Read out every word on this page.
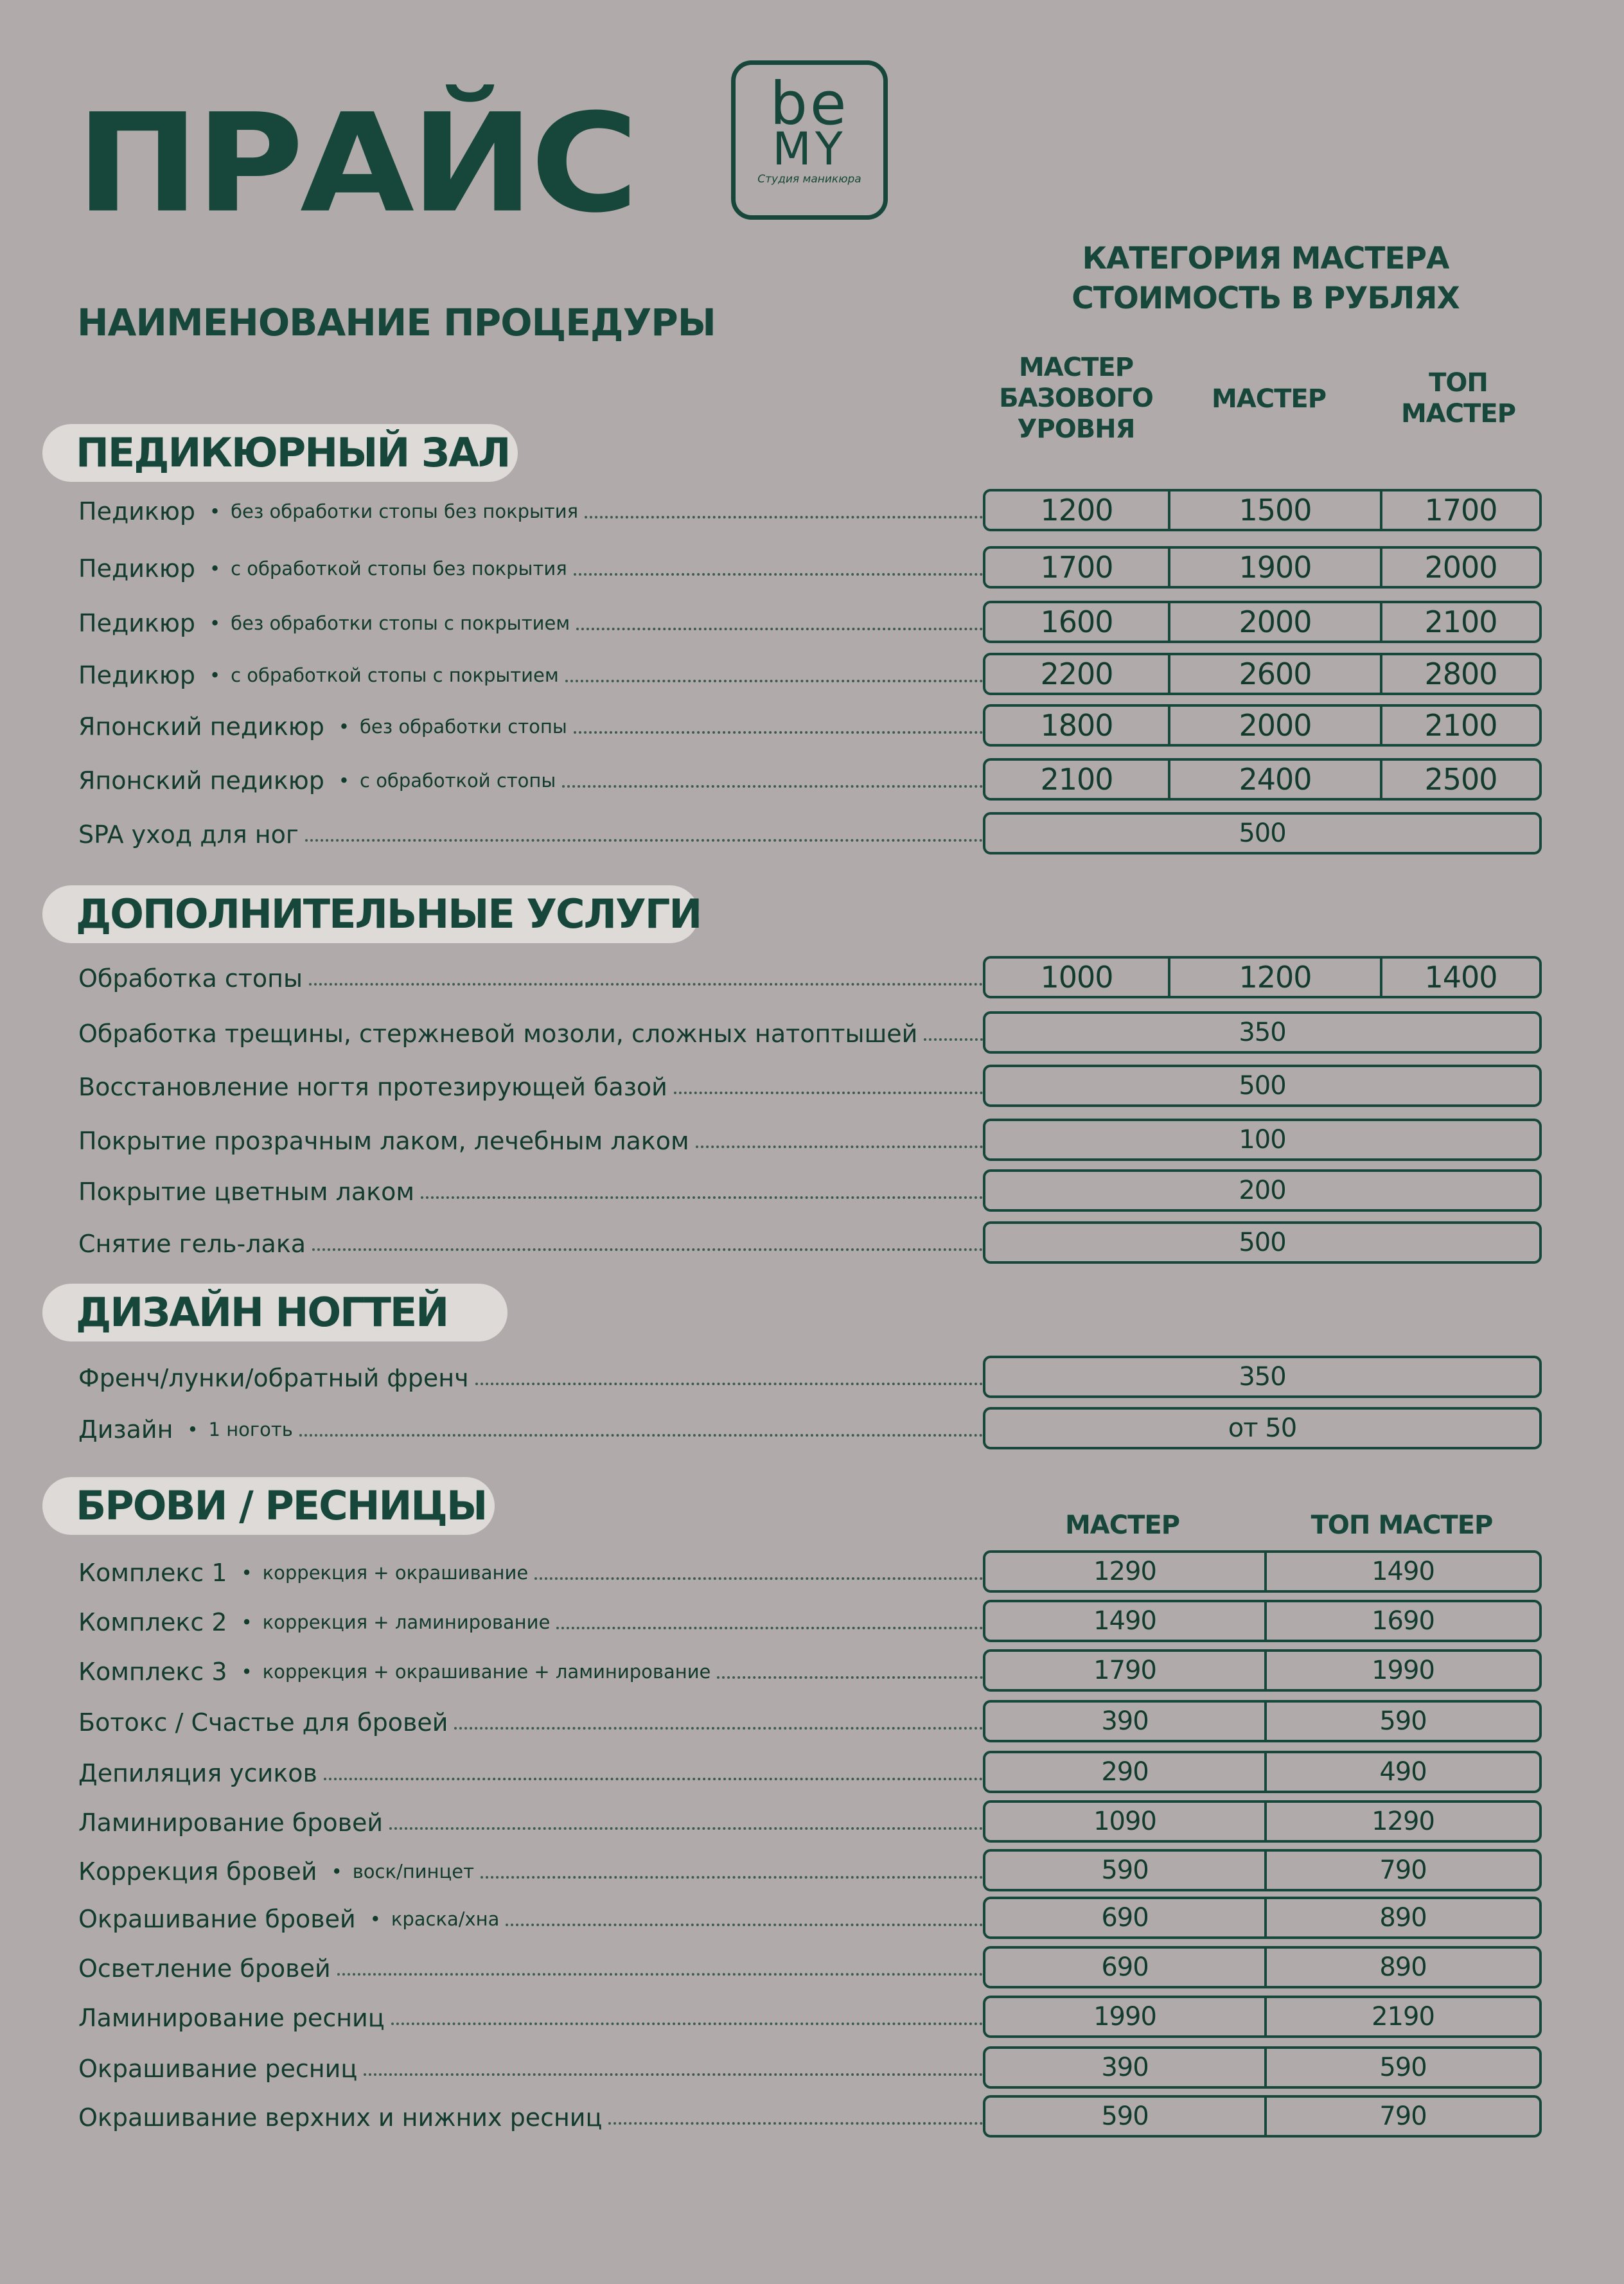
ПРАЙС	be
MY
Студия маникюра
НАИМЕНОВАНИЕ ПРОЦЕДУРЫ
КАТЕГОРИЯ МАСТЕРА
СТОИМОСТЬ В РУБЛЯХ
МАСТЕР
БАЗОВОГО
УРОВНЯ
МАСТЕР
ТОП
МАСТЕР
ПЕДИКЮРНЫЙ ЗАЛ
Педикюр	• без обработки стопы без покрытия	1200	1500	1700
Педикюр	• с обработкой стопы без покрытия	1700	1900	2000
Педикюр	• без обработки стопы с покрытием	1600	2000	2100
Педикюр	• с обработкой стопы с покрытием	2200	2600	2800
Японский педикюр	• без обработки стопы	1800	2000	2100
Японский педикюр	• с обработкой стопы	2100	2400	2500
SPA уход для ног	500
ДОПОЛНИТЕЛЬНЫЕ УСЛУГИ
Обработка стопы	1000	1200	1400
Обработка трещины, стержневой мозоли, сложных натоптышей	350
Восстановление ногтя протезирующей базой	500
Покрытие прозрачным лаком, лечебным лаком	100
Покрытие цветным лаком	200
Снятие гель-лака	500
ДИЗАЙН НОГТЕЙ
Френч/лунки/обратный френч	350
Дизайн	• 1 ноготь	от 50
БРОВИ / РЕСНИЦЫ	МАСТЕР	ТОП МАСТЕР
Комплекс 1	• коррекция + окрашивание	1290	1490
Комплекс 2	• коррекция + ламинирование	1490	1690
Комплекс 3	• коррекция + окрашивание + ламинирование	1790	1990
Ботокс / Счастье для бровей	390	590
Депиляция усиков	290	490
Ламинирование бровей	1090	1290
Коррекция бровей	• воск/пинцет	590	790
Окрашивание бровей	• краска/хна	690	890
Осветление бровей	690	890
Ламинирование ресниц	1990	2190
Окрашивание ресниц	390	590
Окрашивание верхних и нижних ресниц	590	790
